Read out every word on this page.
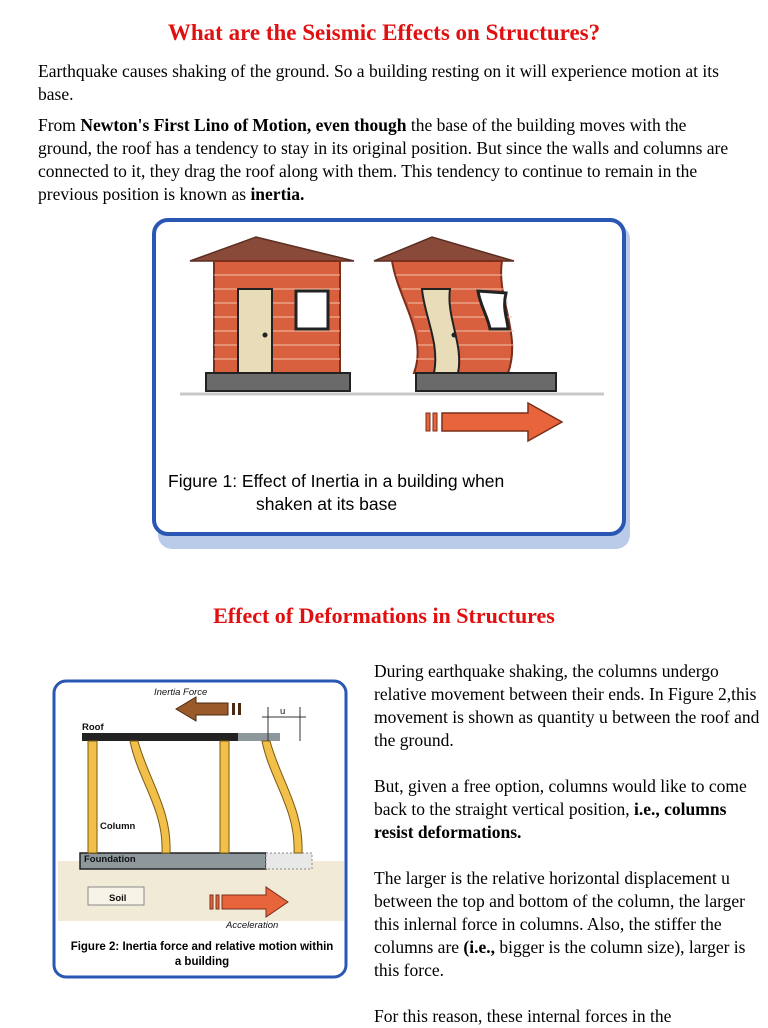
What are the Seismic Effects on Structures?
Earthquake causes shaking of the ground. So a building resting on it will experience motion at its base.
From Newton's First Lino of Motion, even though the base of the building moves with the ground, the roof has a tendency to stay in its original position. But since the walls and columns are connected to it, they drag the roof along with them. This tendency to continue to remain in the previous position is known as inertia.
Figure 1: Effect of Inertia in a building when
shaken at its base
Effect of Deformations in Structures
Inertia Force
u
Roof
Column
Foundation
Soil
Acceleration
Figure 2: Inertia force and relative motion within
a building
During earthquake shaking, the columns undergo relative movement between their ends. In Figure 2,this movement is shown as quantity u between the roof and the ground.
But, given a free option, columns would like to come back to the straight vertical position, i.e., columns resist deformations.
The larger is the relative horizontal displacement u between the top and bottom of the column, the larger this inlernal force in columns. Also, the stiffer the columns are (i.e., bigger is the column size), larger is this force.
For this reason, these internal forces in the
